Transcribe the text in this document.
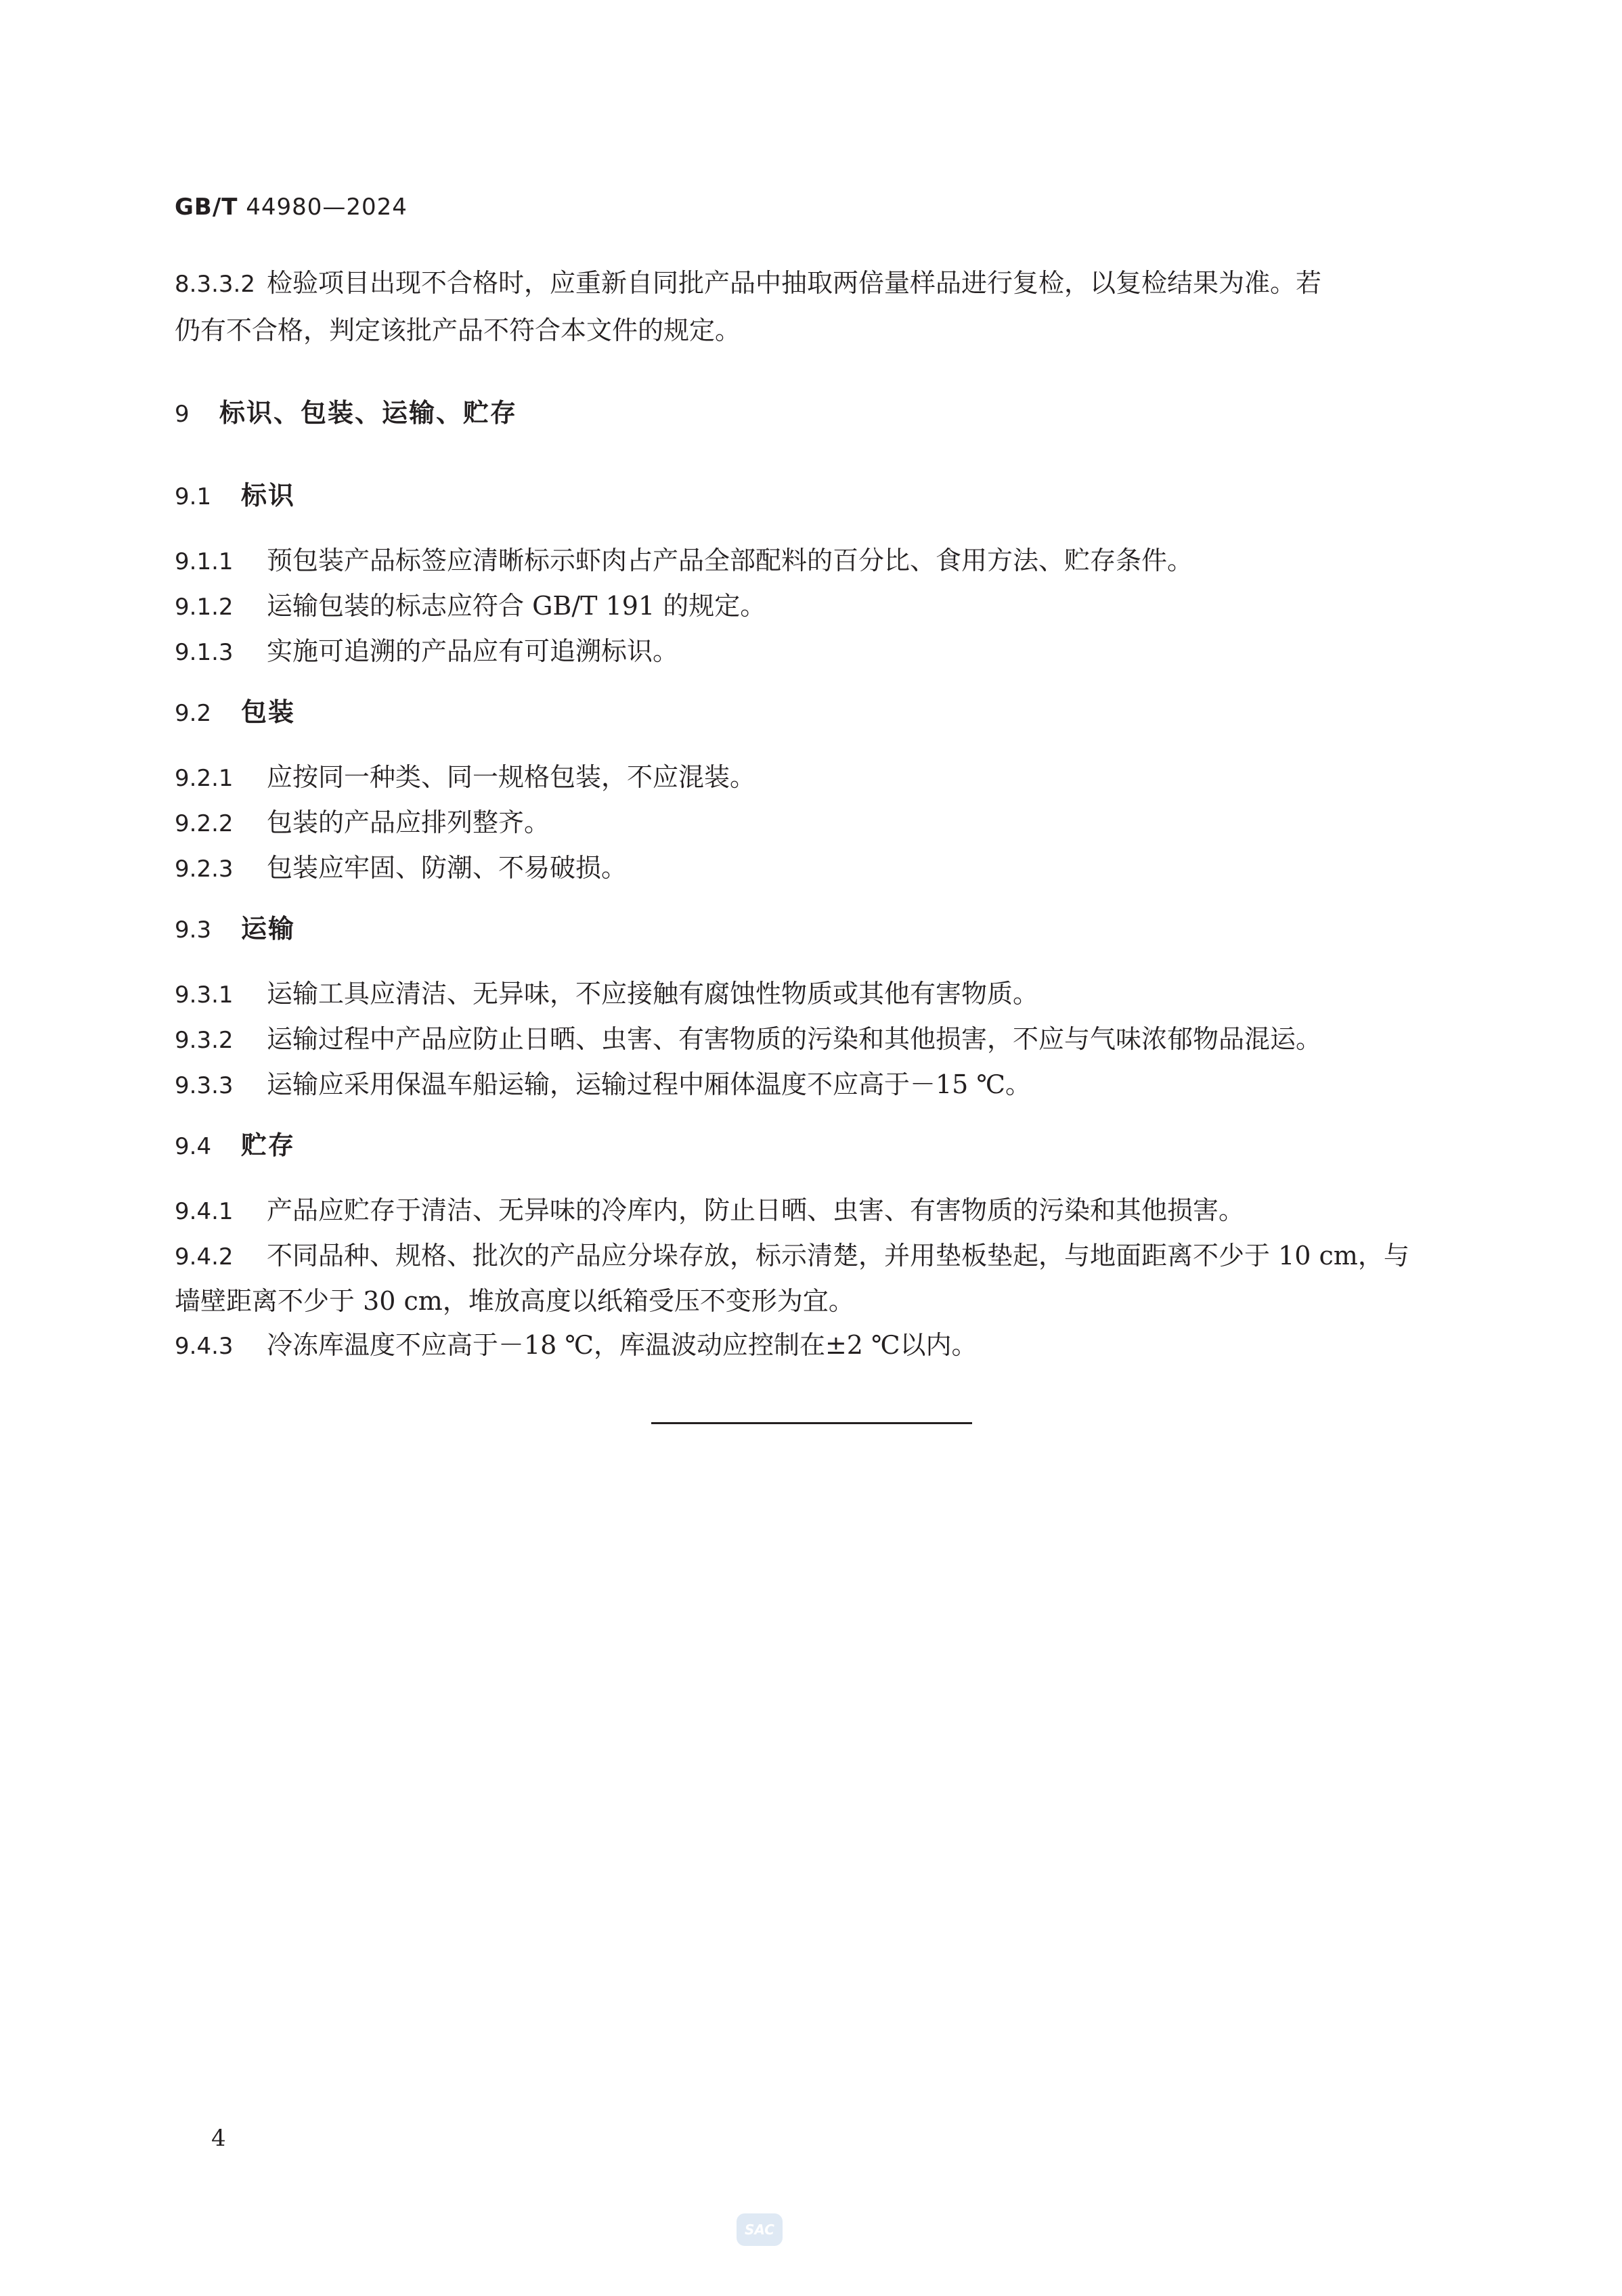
GB/T 44980—2024
8.3.3.2 检验项目出现不合格时，应重新自同批产品中抽取两倍量样品进行复检，以复检结果为准。若
仍有不合格，判定该批产品不符合本文件的规定。
9 标识、包装、运输、贮存
9.1 标识
9.1.1 预包装产品标签应清晰标示虾肉占产品全部配料的百分比、食用方法、贮存条件。
9.1.2 运输包装的标志应符合 GB/T 191 的规定。
9.1.3 实施可追溯的产品应有可追溯标识。
9.2 包装
9.2.1 应按同一种类、同一规格包装，不应混装。
9.2.2 包装的产品应排列整齐。
9.2.3 包装应牢固、防潮、不易破损。
9.3 运输
9.3.1 运输工具应清洁、无异味，不应接触有腐蚀性物质或其他有害物质。
9.3.2 运输过程中产品应防止日晒、虫害、有害物质的污染和其他损害，不应与气味浓郁物品混运。
9.3.3 运输应采用保温车船运输，运输过程中厢体温度不应高于－15 ℃。
9.4 贮存
9.4.1 产品应贮存于清洁、无异味的冷库内，防止日晒、虫害、有害物质的污染和其他损害。
9.4.2 不同品种、规格、批次的产品应分垛存放，标示清楚，并用垫板垫起，与地面距离不少于 10 cm，与
墙壁距离不少于 30 cm，堆放高度以纸箱受压不变形为宜。
9.4.3 冷冻库温度不应高于－18 ℃，库温波动应控制在±2 ℃以内。
4
SAC
